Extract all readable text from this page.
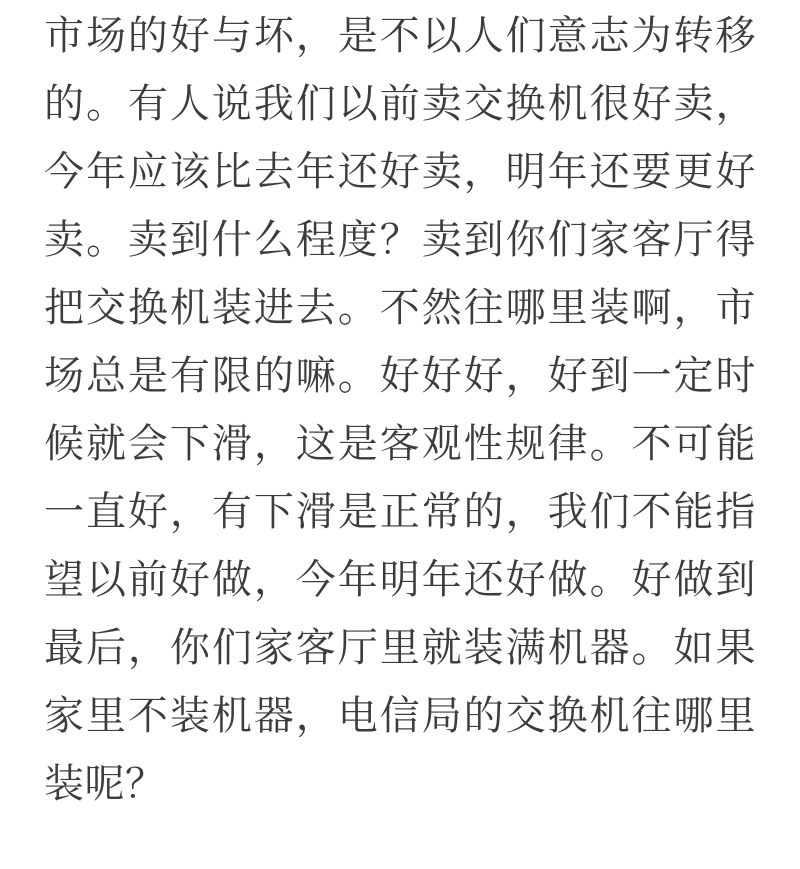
市场的好与坏，是不以人们意志为转移的。有人说我们以前卖交换机很好卖，今年应该比去年还好卖，明年还要更好卖。卖到什么程度？卖到你们家客厅得把交换机装进去。不然往哪里装啊，市场总是有限的嘛。好好好，好到一定时候就会下滑，这是客观性规律。不可能一直好，有下滑是正常的，我们不能指望以前好做，今年明年还好做。好做到最后，你们家客厅里就装满机器。如果家里不装机器，电信局的交换机往哪里装呢？
